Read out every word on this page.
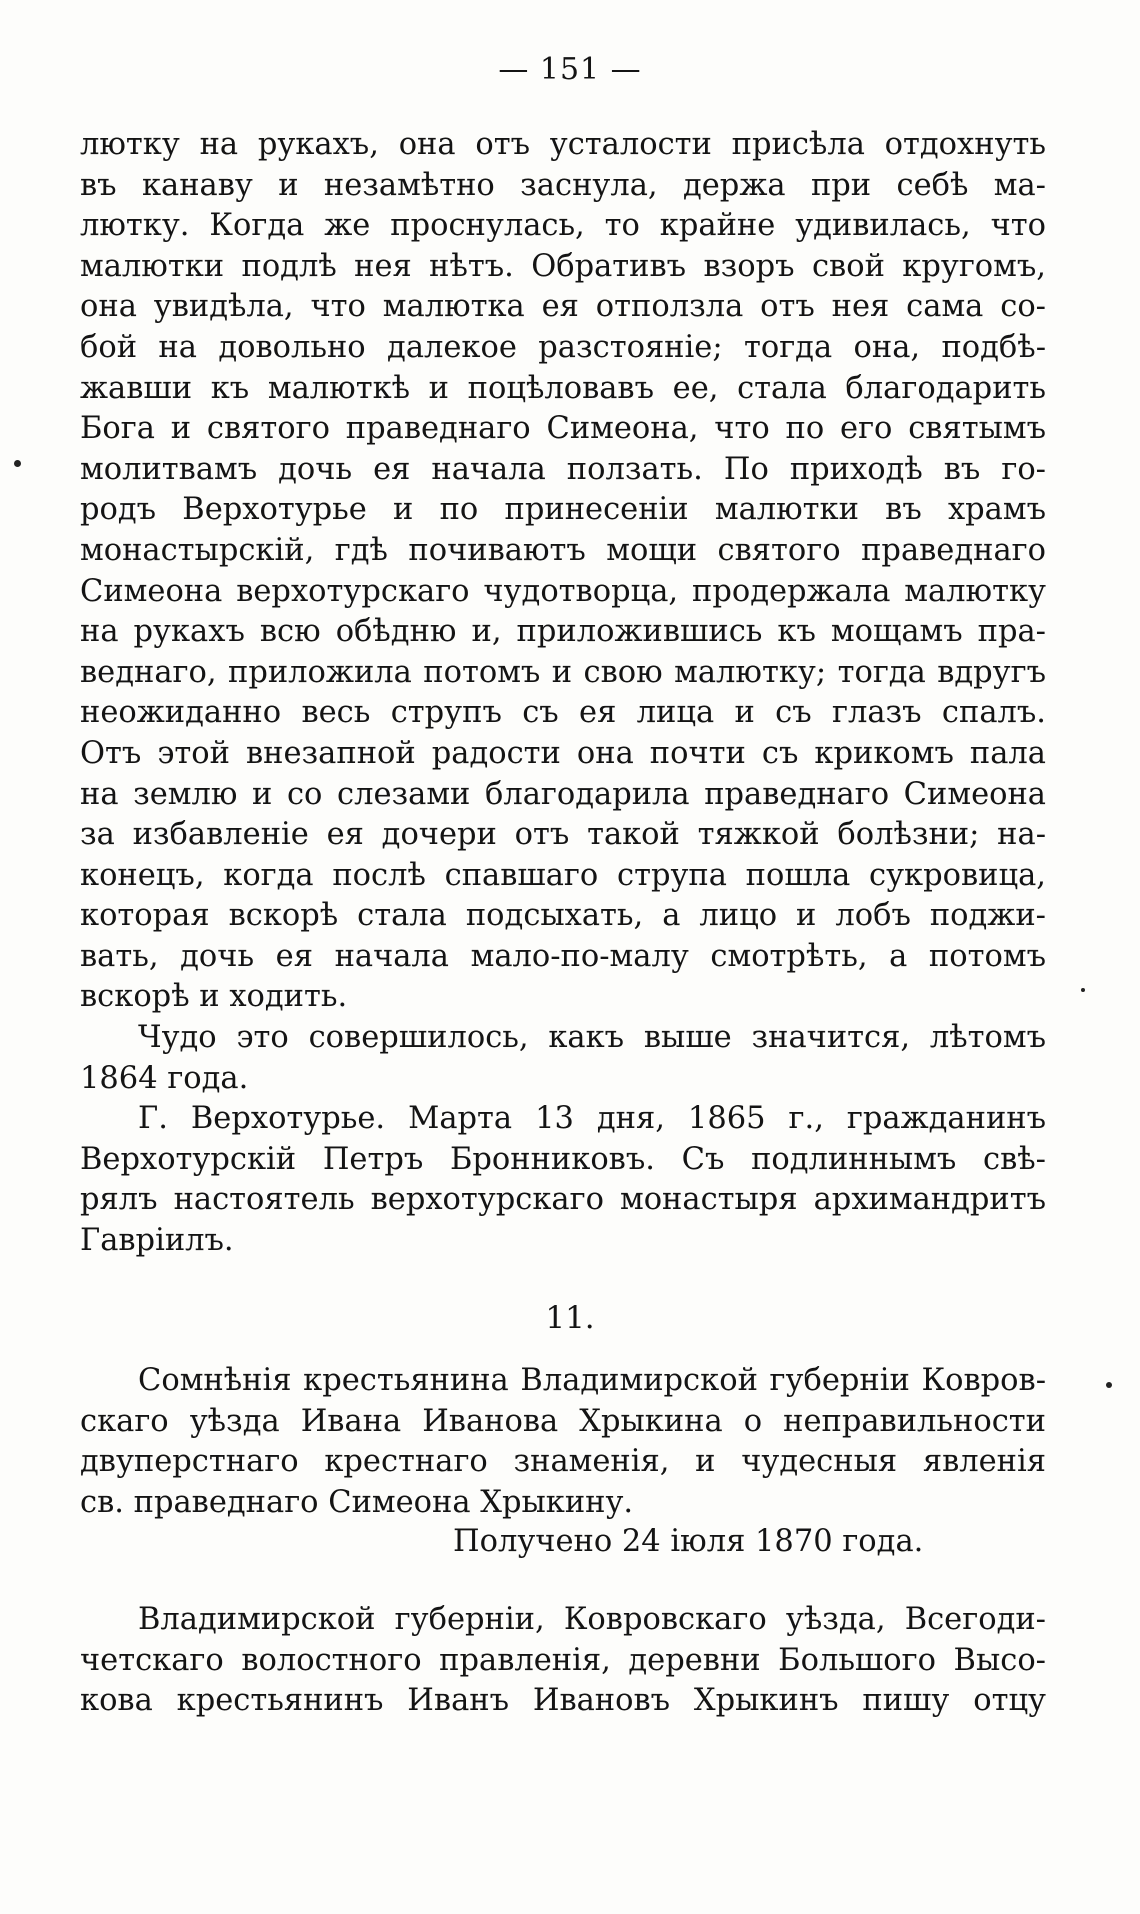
— 151 —
лютку на рукахъ, она отъ усталости присѣла отдохнуть
въ канаву и незамѣтно заснула, держа при себѣ ма-
лютку. Когда же проснулась, то крайне удивилась, что
малютки подлѣ нея нѣтъ. Обративъ взоръ свой кругомъ,
она увидѣла, что малютка ея отползла отъ нея сама со-
бой на довольно далекое разстояніе; тогда она, подбѣ-
жавши къ малюткѣ и поцѣловавъ ее, стала благодарить
Бога и святого праведнаго Симеона, что по его святымъ
молитвамъ дочь ея начала ползать. По приходѣ въ го-
родъ Верхотурье и по принесеніи малютки въ храмъ
монастырскій, гдѣ почиваютъ мощи святого праведнаго
Симеона верхотурскаго чудотворца, продержала малютку
на рукахъ всю обѣдню и, приложившись къ мощамъ пра-
веднаго, приложила потомъ и свою малютку; тогда вдругъ
неожиданно весь струпъ съ ея лица и съ глазъ спалъ.
Отъ этой внезапной радости она почти съ крикомъ пала
на землю и со слезами благодарила праведнаго Симеона
за избавленіе ея дочери отъ такой тяжкой болѣзни; на-
конецъ, когда послѣ спавшаго струпа пошла сукровица,
которая вскорѣ стала подсыхать, а лицо и лобъ поджи-
вать, дочь ея начала мало-по-малу смотрѣть, а потомъ
вскорѣ и ходить.
Чудо это совершилось, какъ выше значится, лѣтомъ
1864 года.
Г. Верхотурье. Марта 13 дня, 1865 г., гражданинъ
Верхотурскій Петръ Бронниковъ. Съ подлиннымъ свѣ-
рялъ настоятель верхотурскаго монастыря архимандритъ
Гавріилъ.
11.
Сомнѣнія крестьянина Владимирской губерніи Ковров-
скаго уѣзда Ивана Иванова Хрыкина о неправильности
двуперстнаго крестнаго знаменія, и чудесныя явленія
св. праведнаго Симеона Хрыкину.
Получено 24 іюля 1870 года.
Владимирской губерніи, Ковровскаго уѣзда, Всегоди-
четскаго волостного правленія, деревни Большого Высо-
кова крестьянинъ Иванъ Ивановъ Хрыкинъ пишу отцу
